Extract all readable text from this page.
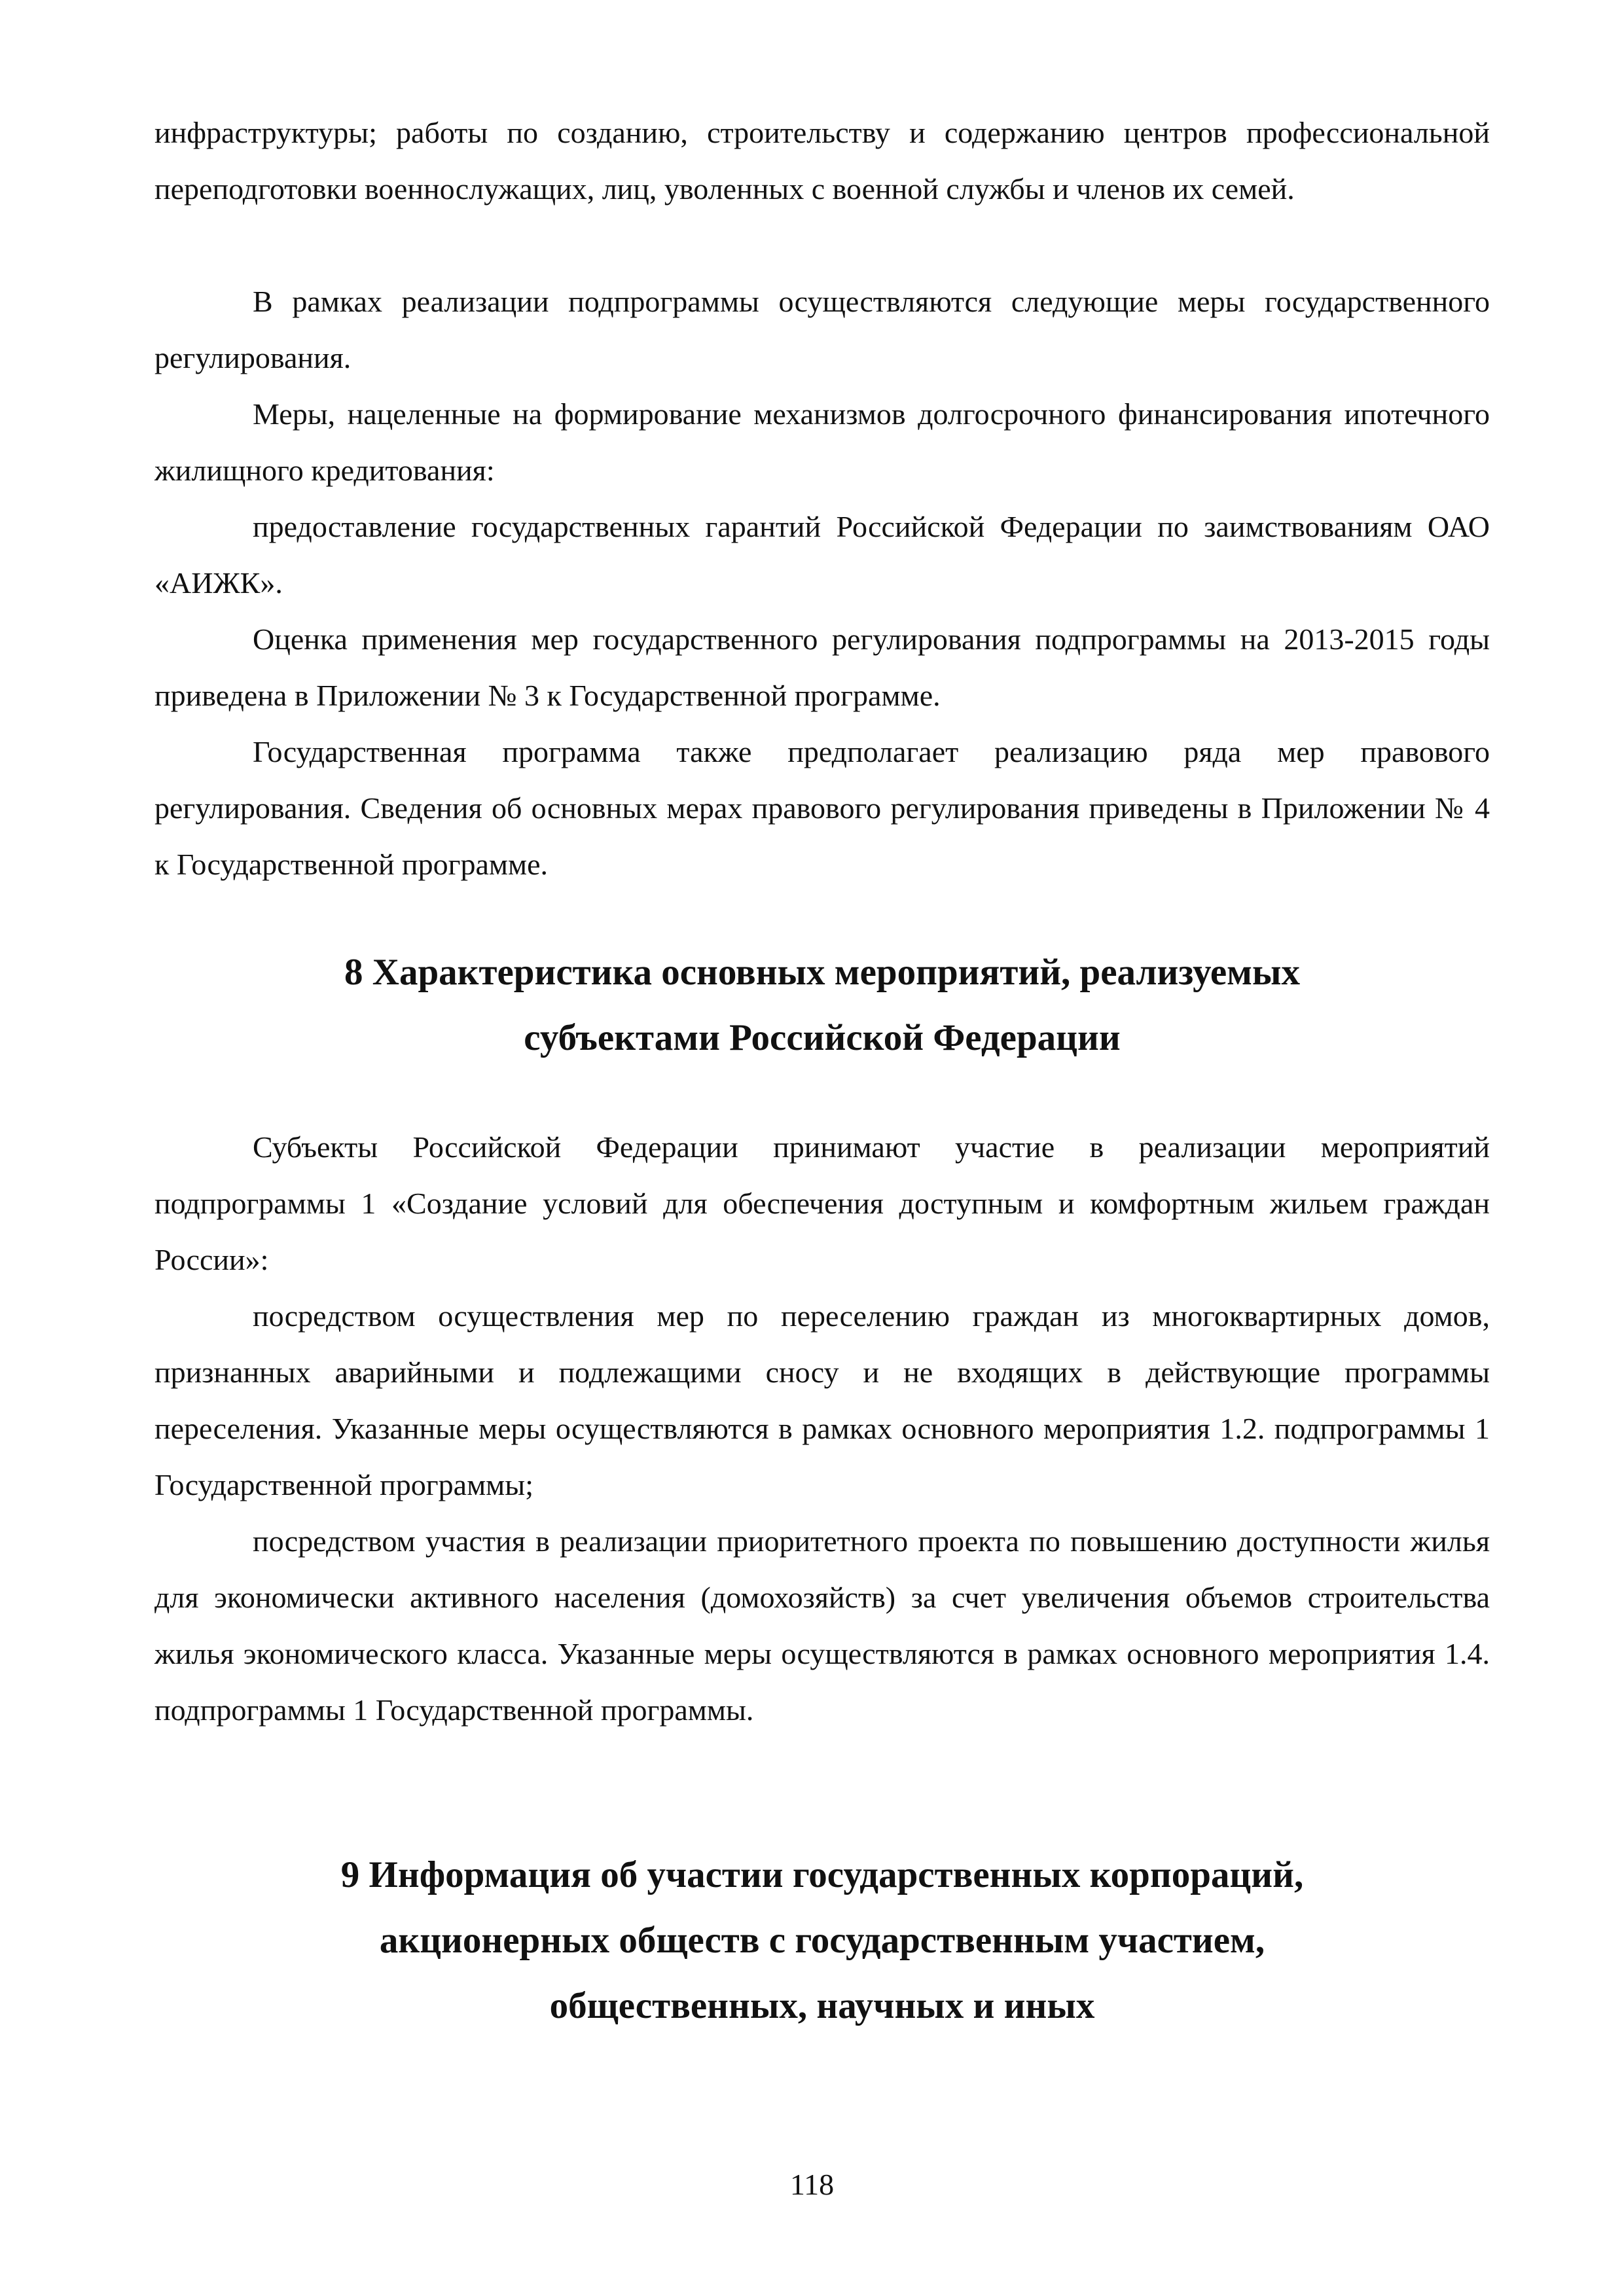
инфраструктуры; работы по созданию, строительству и содержанию центров профессиональной переподготовки военнослужащих, лиц, уволенных с военной службы и членов их семей.

В рамках реализации подпрограммы осуществляются следующие меры государственного регулирования.

Меры, нацеленные на формирование механизмов долгосрочного финансирования ипотечного жилищного кредитования:

предоставление государственных гарантий Российской Федерации по заимствованиям ОАО «АИЖК».

Оценка применения мер государственного регулирования подпрограммы на 2013-2015 годы приведена в Приложении № 3 к Государственной программе.

Государственная программа также предполагает реализацию ряда мер правового регулирования. Сведения об основных мерах правового регулирования приведены в Приложении № 4 к Государственной программе.

8 Характеристика основных мероприятий, реализуемых субъектами Российской Федерации

Субъекты Российской Федерации принимают участие в реализации мероприятий подпрограммы 1 «Создание условий для обеспечения доступным и комфортным жильем граждан России»:

посредством осуществления мер по переселению граждан из многоквартирных домов, признанных аварийными и подлежащими сносу и не входящих в действующие программы переселения. Указанные меры осуществляются в рамках основного мероприятия 1.2. подпрограммы 1 Государственной программы;

посредством участия в реализации приоритетного проекта по повышению доступности жилья для экономически активного населения (домохозяйств) за счет увеличения объемов строительства жилья экономического класса. Указанные меры осуществляются в рамках основного мероприятия 1.4. подпрограммы 1 Государственной программы.

9 Информация об участии государственных корпораций, акционерных обществ с государственным участием, общественных, научных и иных
118
